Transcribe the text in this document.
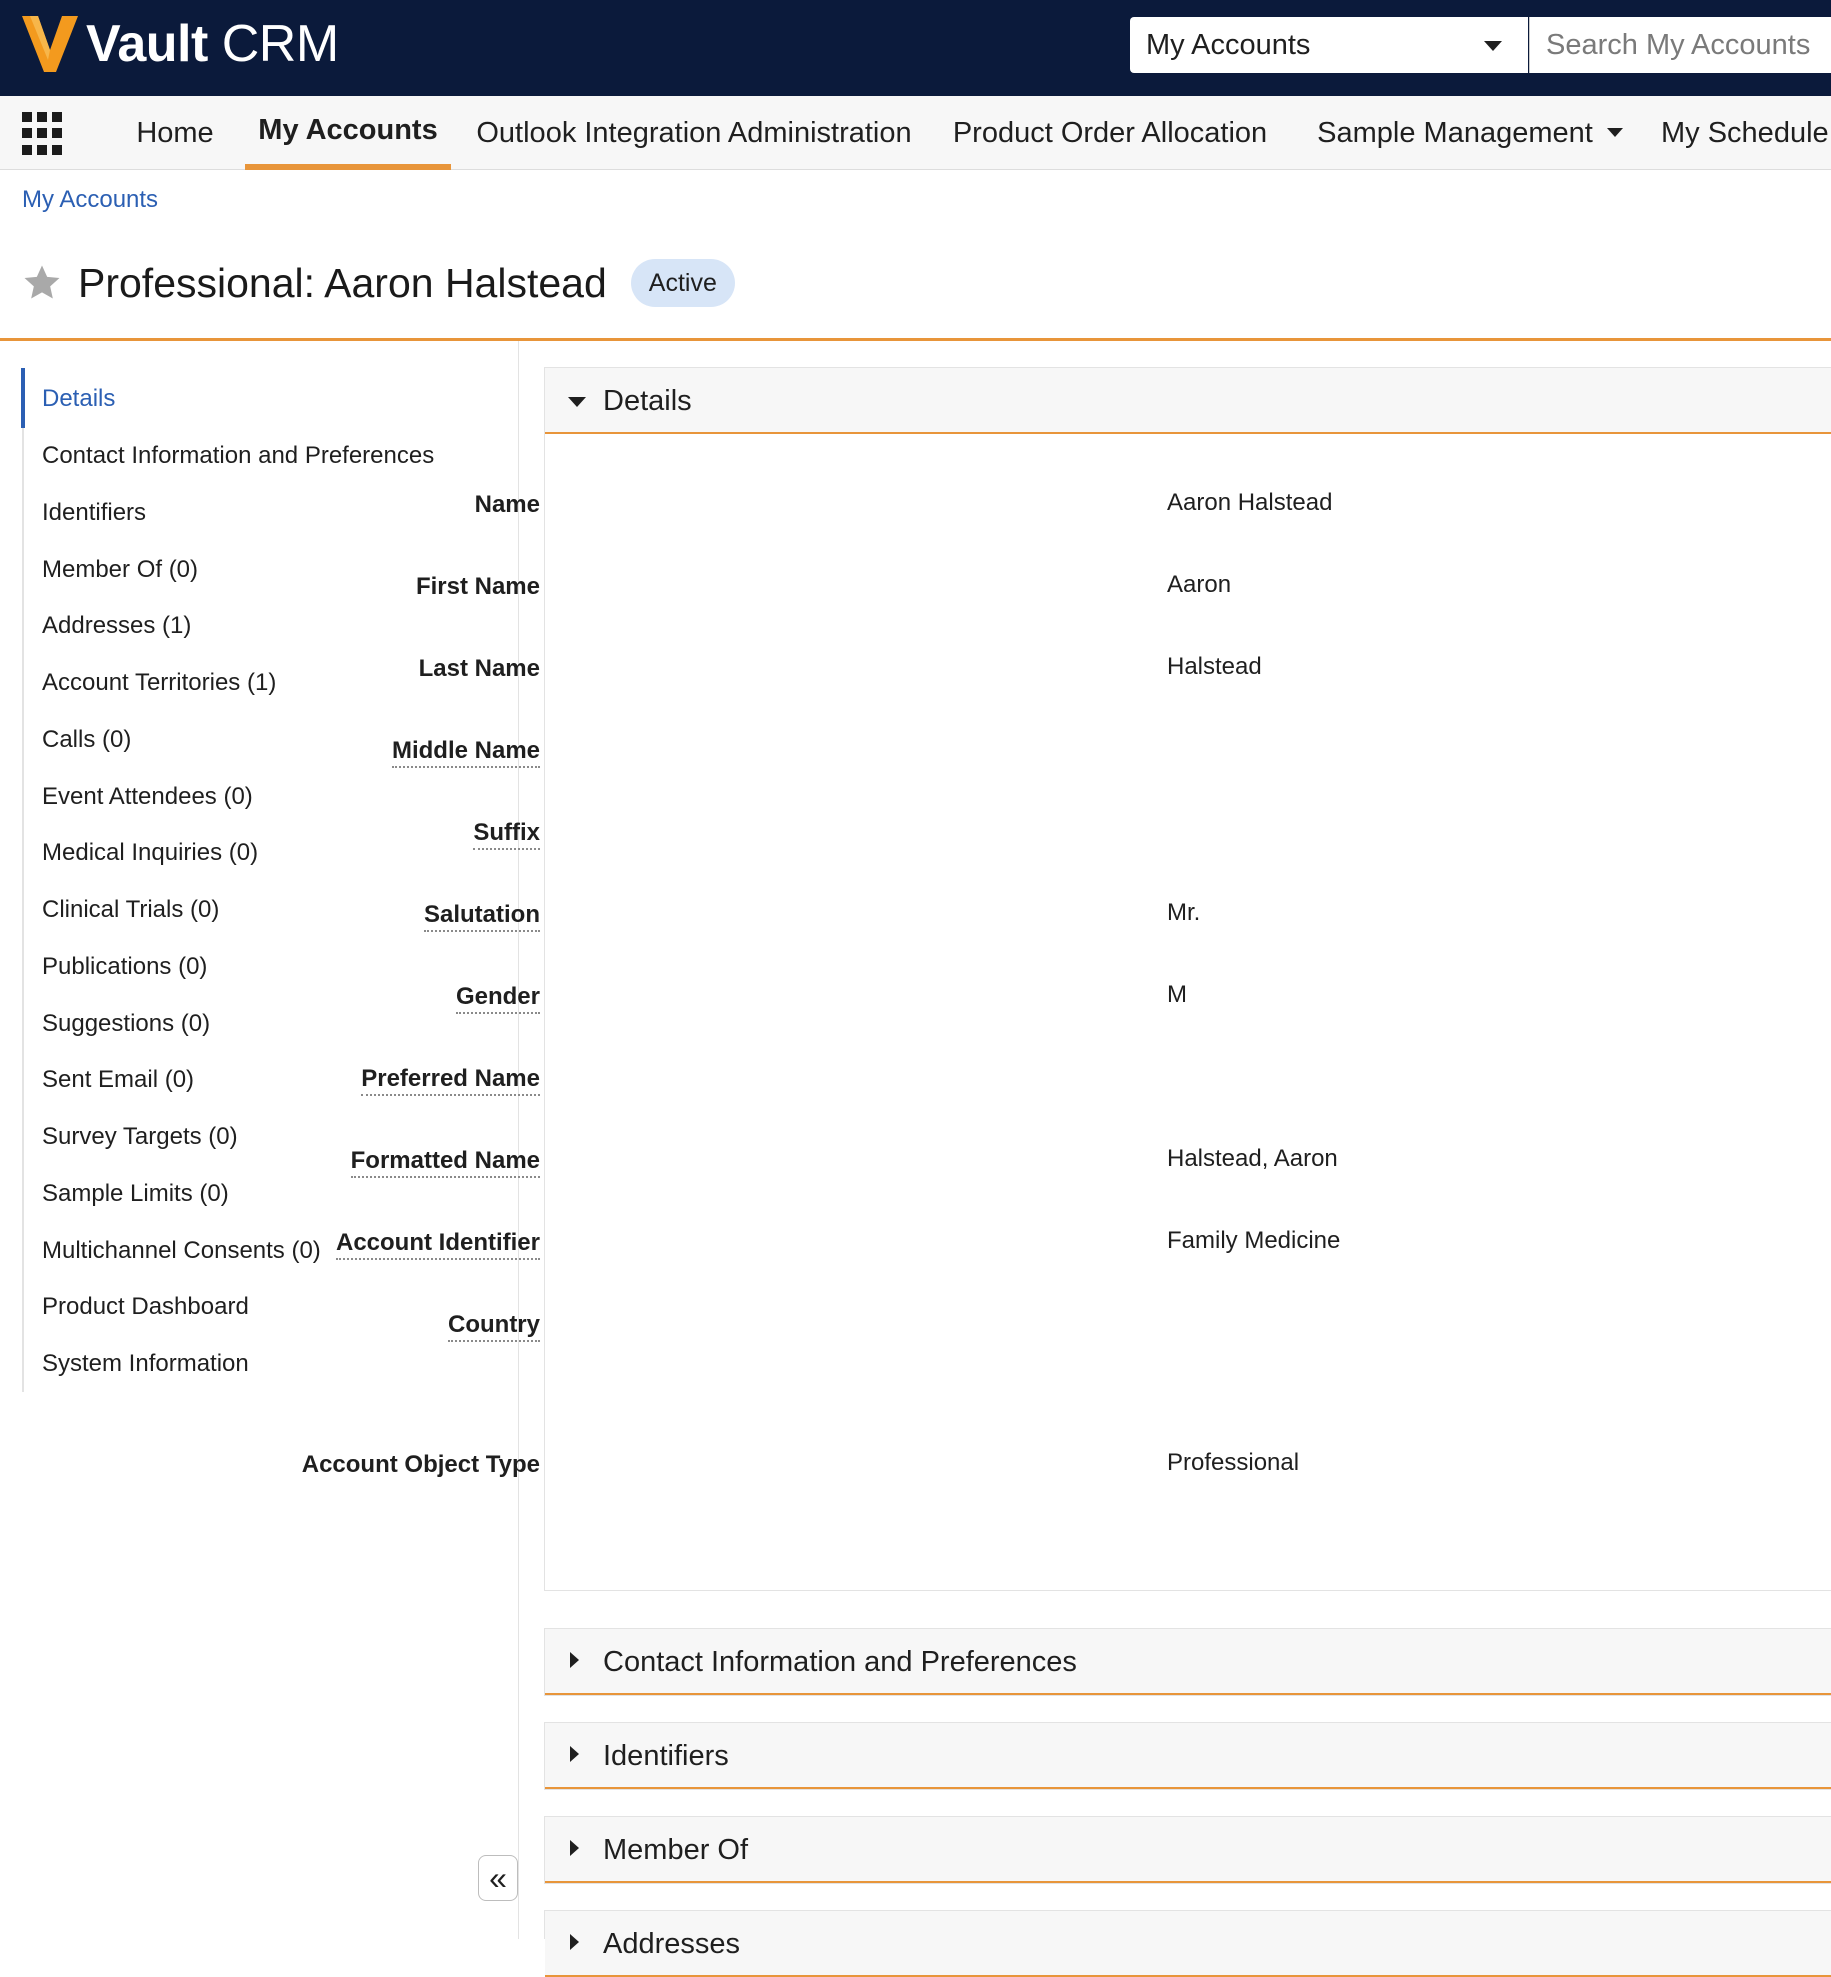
Vault CRM	My Accounts
Search My Accounts
Home	My Accounts	Outlook Integration Administration	Product Order Allocation	Sample Management	My Schedule
My Accounts
Professional: Aaron Halstead	Active
Details
Contact Information and Preferences
Identifiers
Member Of (0)
Addresses (1)
Account Territories (1)
Calls (0)
Event Attendees (0)
Medical Inquiries (0)
Clinical Trials (0)
Publications (0)
Suggestions (0)
Sent Email (0)
Survey Targets (0)
Sample Limits (0)
Multichannel Consents (0)
Product Dashboard
System Information
«
Details
Name	Aaron Halstead
First Name	Aaron
Last Name	Halstead
Middle Name
Suffix
Salutation	Mr.
Gender	M
Preferred Name
Formatted Name	Halstead, Aaron
Account Identifier	Family Medicine
Country
Account Object Type	Professional
Contact Information and Preferences
Identifiers
Member Of
Addresses
